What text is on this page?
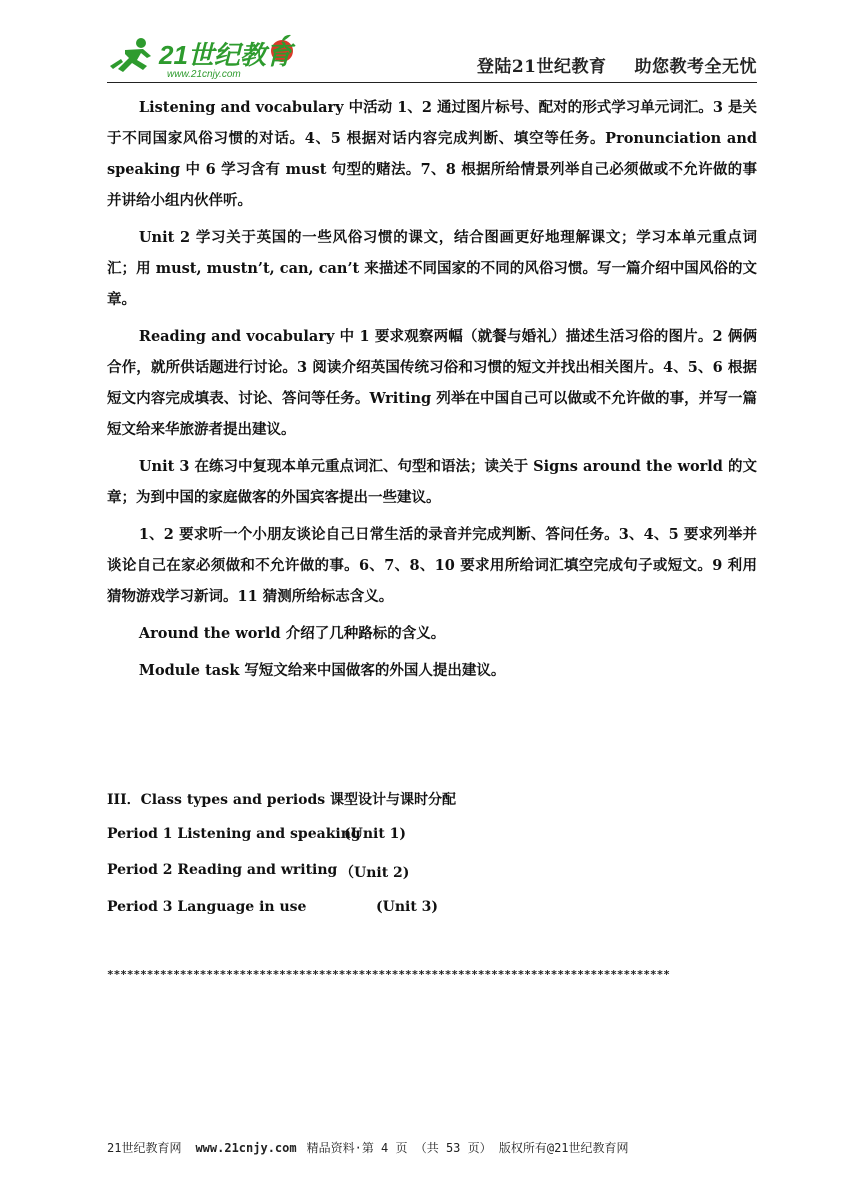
21世纪教育
www.21cnjy.com	登陆21世纪教育 助您教考全无忧

Listening and vocabulary 中活动 1、2 通过图片标号、配对的形式学习单元词汇。3 是关于不同国家风俗习惯的对话。4、5 根据对话内容完成判断、填空等任务。Pronunciation and speaking 中 6 学习含有 must 句型的赌法。7、8 根据所给情景列举自己必须做或不允许做的事并讲给小组内伙伴听。

Unit 2 学习关于英国的一些风俗习惯的课文，结合图画更好地理解课文；学习本单元重点词汇；用 must, mustn’t, can, can’t 来描述不同国家的不同的风俗习惯。写一篇介绍中国风俗的文章。

Reading and vocabulary 中 1 要求观察两幅（就餐与婚礼）描述生活习俗的图片。2 俩俩合作，就所供话题进行讨论。3 阅读介绍英国传统习俗和习惯的短文并找出相关图片。4、5、6 根据短文内容完成填表、讨论、答问等任务。Writing 列举在中国自己可以做或不允许做的事，并写一篇短文给来华旅游者提出建议。

Unit 3 在练习中复现本单元重点词汇、句型和语法；读关于 Signs around the world 的文章；为到中国的家庭做客的外国宾客提出一些建议。

1、2 要求听一个小朋友谈论自己日常生活的录音并完成判断、答问任务。3、4、5 要求列举并谈论自己在家必须做和不允许做的事。6、7、8、10 要求用所给词汇填空完成句子或短文。9 利用猜物游戏学习新词。11 猜测所给标志含义。

Around the world 介绍了几种路标的含义。

Module task 写短文给来中国做客的外国人提出建议。

III．Class types and periods 课型设计与课时分配
Period 1 Listening and speaking
(Unit 1)
Period 2 Reading and writing （Unit 2)
Period 3 Language in use	(Unit 3)
*************************************************************************************
21世纪教育网 www.21cnjy.com 精品资料·第 4 页 （共 53 页） 版权所有@21世纪教育网
